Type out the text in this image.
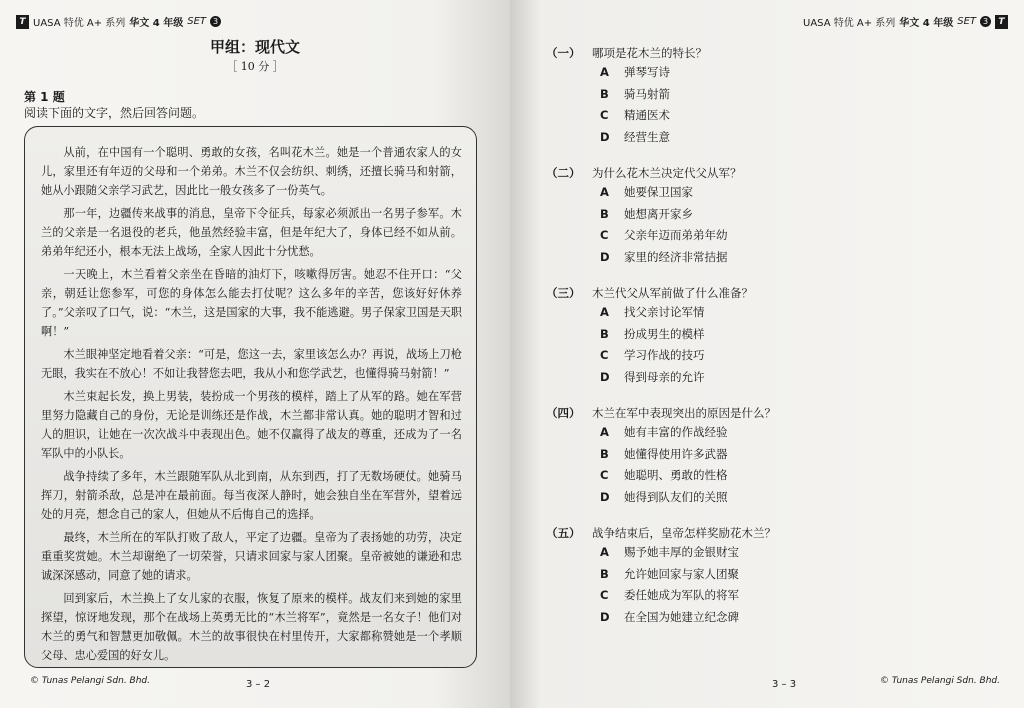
T UASA 特优 A+ 系列 华文 4 年级 SET 3
甲组：现代文
［ 10 分 ］
第 1 题
阅读下面的文字，然后回答问题。

从前，在中国有一个聪明、勇敢的女孩，名叫花木兰。她是一个普通农家人的女儿，家里还有年迈的父母和一个弟弟。木兰不仅会纺织、刺绣，还擅长骑马和射箭，她从小跟随父亲学习武艺，因此比一般女孩多了一份英气。

那一年，边疆传来战事的消息，皇帝下令征兵，每家必须派出一名男子参军。木兰的父亲是一名退役的老兵，他虽然经验丰富，但是年纪大了，身体已经不如从前。弟弟年纪还小，根本无法上战场，全家人因此十分忧愁。

一天晚上，木兰看着父亲坐在昏暗的油灯下，咳嗽得厉害。她忍不住开口：“父亲，朝廷让您参军，可您的身体怎么能去打仗呢？这么多年的辛苦，您该好好休养了。”父亲叹了口气，说：“木兰，这是国家的大事，我不能逃避。男子保家卫国是天职啊！”

木兰眼神坚定地看着父亲：“可是，您这一去，家里该怎么办？再说，战场上刀枪无眼，我实在不放心！不如让我替您去吧，我从小和您学武艺，也懂得骑马射箭！”

木兰束起长发，换上男装，装扮成一个男孩的模样，踏上了从军的路。她在军营里努力隐藏自己的身份，无论是训练还是作战，木兰都非常认真。她的聪明才智和过人的胆识，让她在一次次战斗中表现出色。她不仅赢得了战友的尊重，还成为了一名军队中的小队长。

战争持续了多年，木兰跟随军队从北到南，从东到西，打了无数场硬仗。她骑马挥刀，射箭杀敌，总是冲在最前面。每当夜深人静时，她会独自坐在军营外，望着远处的月亮，想念自己的家人，但她从不后悔自己的选择。

最终，木兰所在的军队打败了敌人，平定了边疆。皇帝为了表扬她的功劳，决定重重奖赏她。木兰却谢绝了一切荣誉，只请求回家与家人团聚。皇帝被她的谦逊和忠诚深深感动，同意了她的请求。

回到家后，木兰换上了女儿家的衣服，恢复了原来的模样。战友们来到她的家里探望，惊讶地发现，那个在战场上英勇无比的“木兰将军”，竟然是一名女子！他们对木兰的勇气和智慧更加敬佩。木兰的故事很快在村里传开，大家都称赞她是一个孝顺父母、忠心爱国的好女儿。

© Tunas Pelangi Sdn. Bhd.	3 – 2
UASA 特优 A+ 系列 华文 4 年级 SET 3	T
（一）	哪项是花木兰的特长？
A 弹琴写诗
B 骑马射箭
C 精通医术
D 经营生意
（二）	为什么花木兰决定代父从军？
A 她要保卫国家
B 她想离开家乡
C 父亲年迈而弟弟年幼
D 家里的经济非常拮据
（三）	木兰代父从军前做了什么准备？
A 找父亲讨论军情
B 扮成男生的模样
C 学习作战的技巧
D 得到母亲的允许
（四）	木兰在军中表现突出的原因是什么？
A 她有丰富的作战经验
B 她懂得使用许多武器
C 她聪明、勇敢的性格
D 她得到队友们的关照
（五）	战争结束后，皇帝怎样奖励花木兰？
A 赐予她丰厚的金银财宝
B 允许她回家与家人团聚
C 委任她成为军队的将军
D 在全国为她建立纪念碑
3 – 3	© Tunas Pelangi Sdn. Bhd.
